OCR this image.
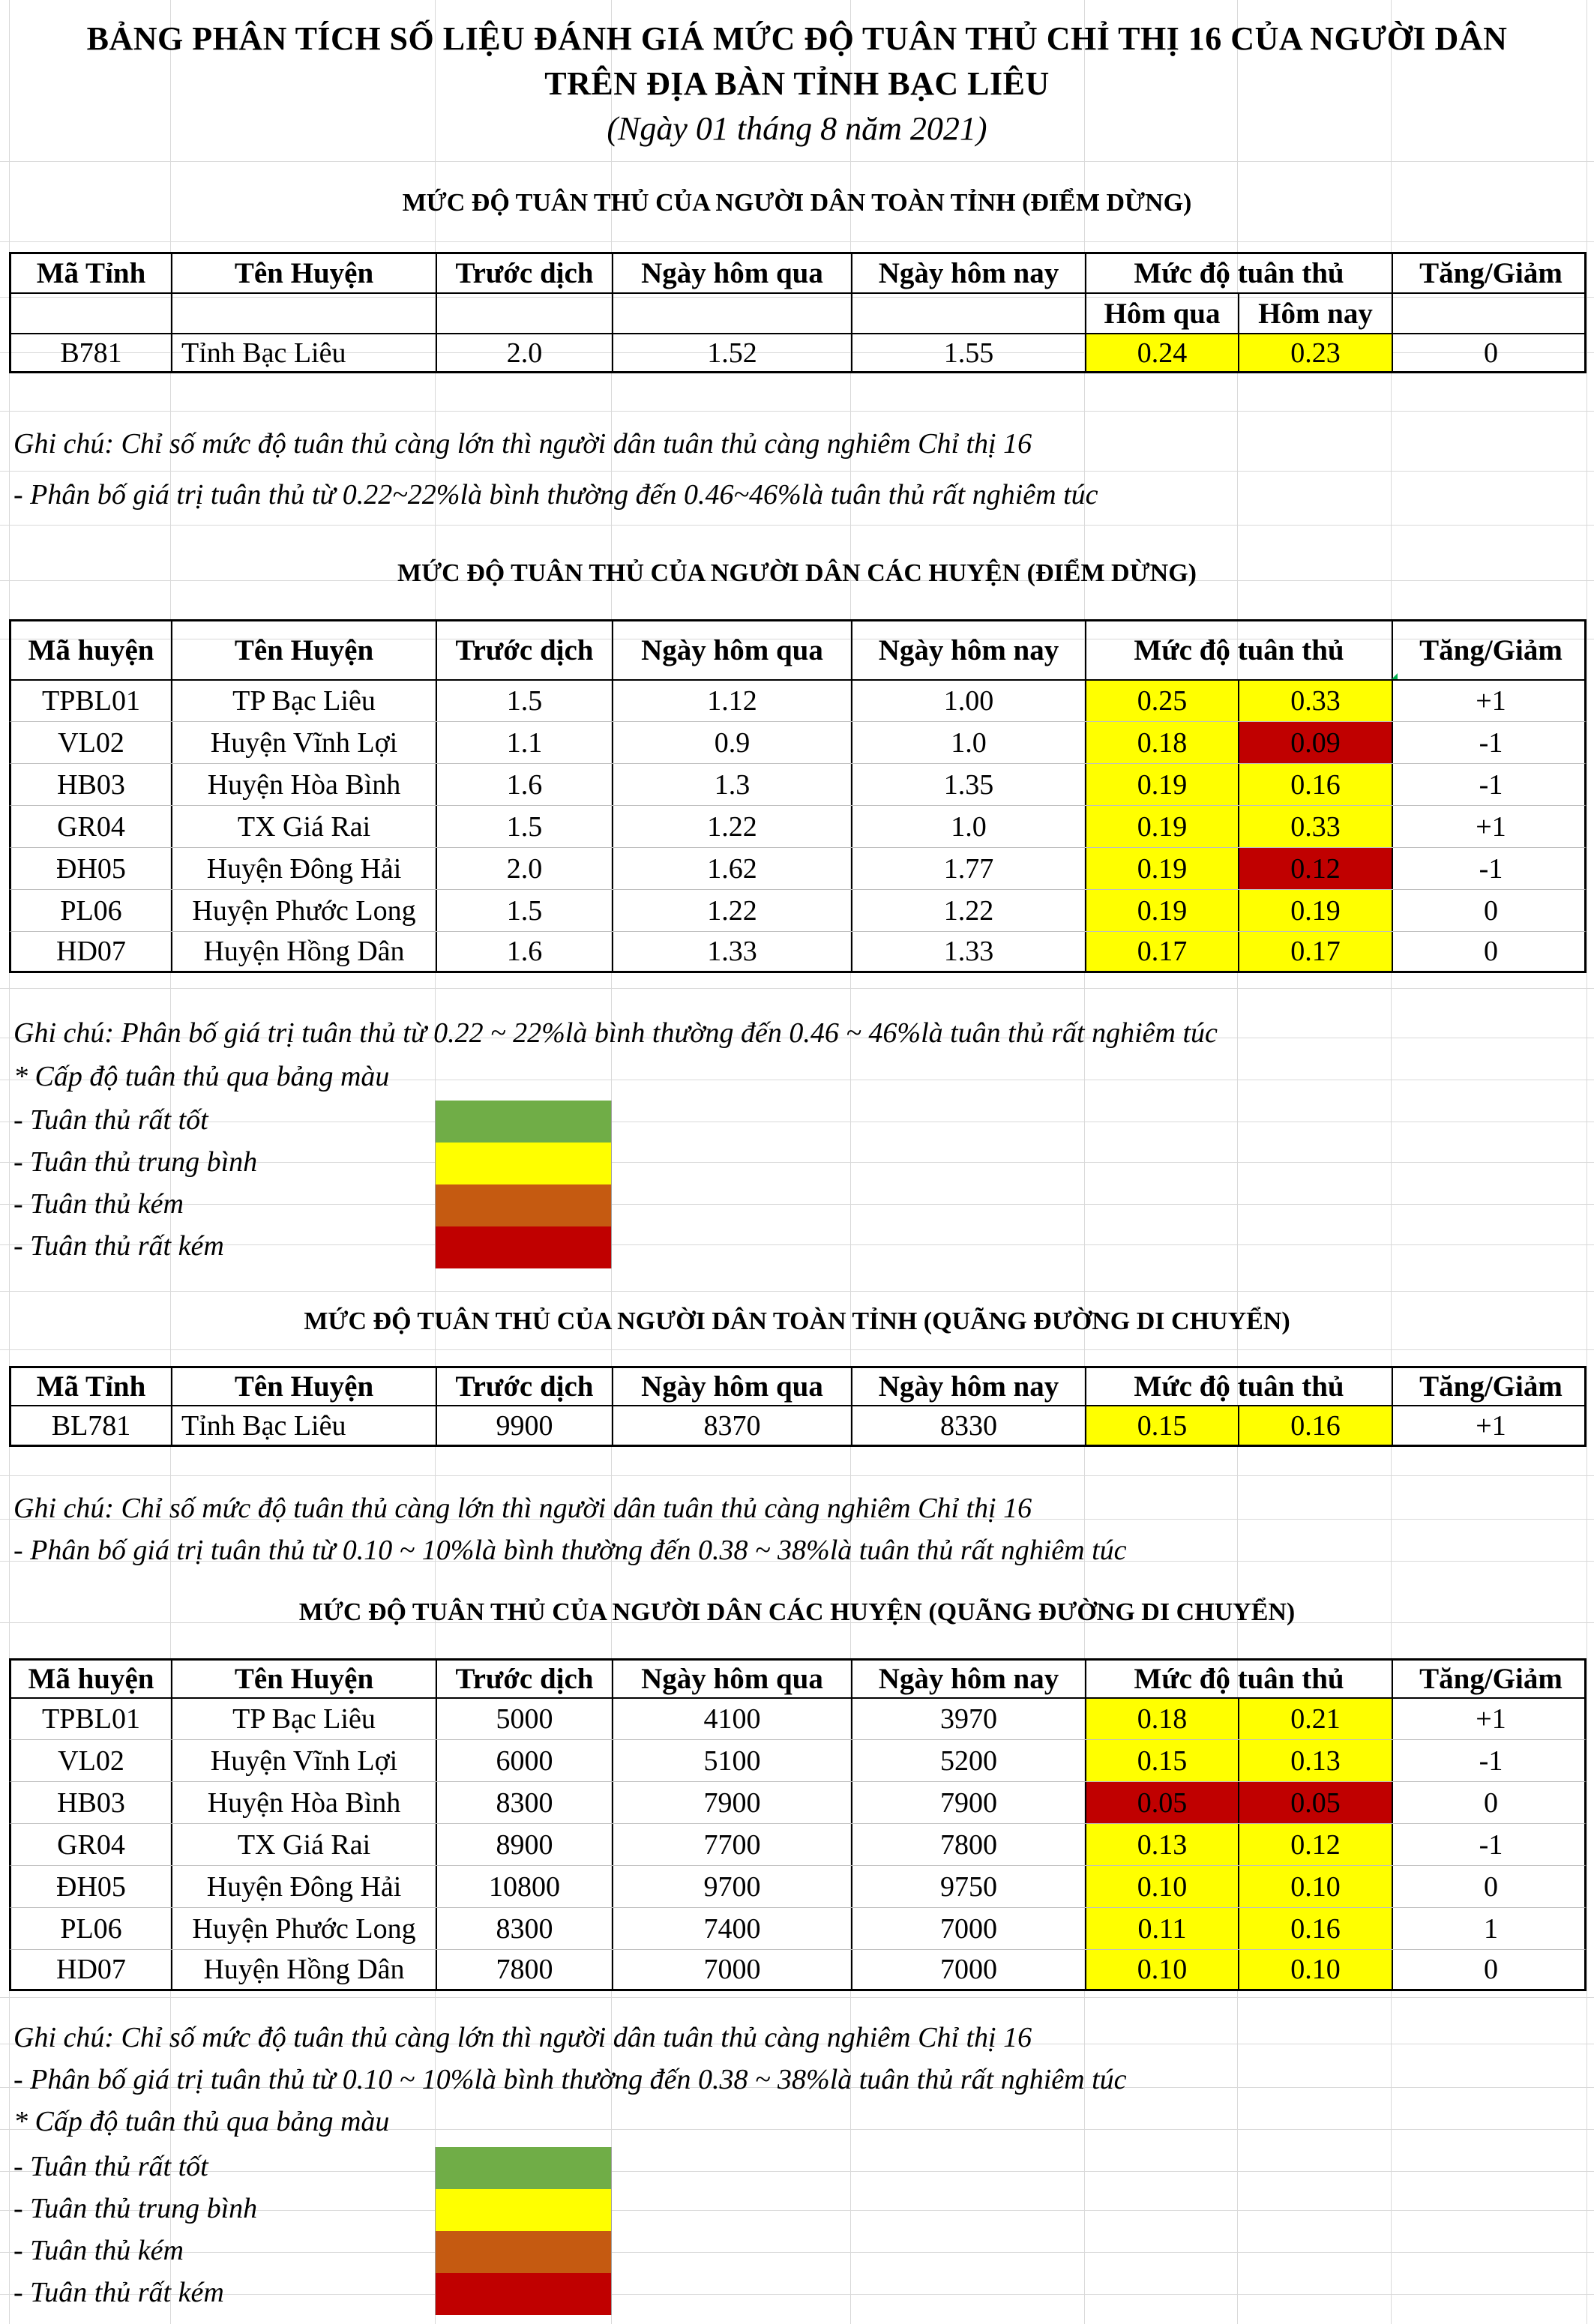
BẢNG PHÂN TÍCH SỐ LIỆU ĐÁNH GIÁ MỨC ĐỘ TUÂN THỦ CHỈ THỊ 16 CỦA NGƯỜI DÂN
TRÊN ĐỊA BÀN TỈNH BẠC LIÊU
(Ngày 01 tháng 8 năm 2021)
MỨC ĐỘ TUÂN THỦ CỦA NGƯỜI DÂN TOÀN TỈNH (ĐIỂM DỪNG)
Mã Tỉnh	Tên Huyện	Trước dịch	Ngày hôm qua	Ngày hôm nay	Mức độ tuân thủ	Tăng/Giảm
Hôm qua	Hôm nay
B781	Tỉnh Bạc Liêu	2.0	1.52	1.55	0.24	0.23	0
Ghi chú: Chỉ số mức độ tuân thủ càng lớn thì người dân tuân thủ càng nghiêm Chỉ thị 16
- Phân bố giá trị tuân thủ từ 0.22~22%là bình thường đến 0.46~46%là tuân thủ rất nghiêm túc
MỨC ĐỘ TUÂN THỦ CỦA NGƯỜI DÂN CÁC HUYỆN (ĐIỂM DỪNG)
Mã huyện	Tên Huyện	Trước dịch	Ngày hôm qua	Ngày hôm nay	Mức độ tuân thủ	Tăng/Giảm
TPBL01	TP Bạc Liêu	1.5	1.12	1.00	0.25	0.33	+1
VL02	Huyện Vĩnh Lợi	1.1	0.9	1.0	0.18	0.09	-1
HB03	Huyện Hòa Bình	1.6	1.3	1.35	0.19	0.16	-1
GR04	TX Giá Rai	1.5	1.22	1.0	0.19	0.33	+1
ĐH05	Huyện Đông Hải	2.0	1.62	1.77	0.19	0.12	-1
PL06	Huyện Phước Long	1.5	1.22	1.22	0.19	0.19	0
HD07	Huyện Hồng Dân	1.6	1.33	1.33	0.17	0.17	0
Ghi chú: Phân bố giá trị tuân thủ từ 0.22 ~ 22%là bình thường đến 0.46 ~ 46%là tuân thủ rất nghiêm túc
* Cấp độ tuân thủ qua bảng màu
- Tuân thủ rất tốt
- Tuân thủ trung bình
- Tuân thủ kém
- Tuân thủ rất kém
MỨC ĐỘ TUÂN THỦ CỦA NGƯỜI DÂN TOÀN TỈNH (QUÃNG ĐƯỜNG DI CHUYỂN)
Mã Tỉnh	Tên Huyện	Trước dịch	Ngày hôm qua	Ngày hôm nay	Mức độ tuân thủ	Tăng/Giảm
BL781	Tỉnh Bạc Liêu	9900	8370	8330	0.15	0.16	+1
Ghi chú: Chỉ số mức độ tuân thủ càng lớn thì người dân tuân thủ càng nghiêm Chỉ thị 16
- Phân bố giá trị tuân thủ từ 0.10 ~ 10%là bình thường đến 0.38 ~ 38%là tuân thủ rất nghiêm túc
MỨC ĐỘ TUÂN THỦ CỦA NGƯỜI DÂN CÁC HUYỆN (QUÃNG ĐƯỜNG DI CHUYỂN)
Mã huyện	Tên Huyện	Trước dịch	Ngày hôm qua	Ngày hôm nay	Mức độ tuân thủ	Tăng/Giảm
TPBL01	TP Bạc Liêu	5000	4100	3970	0.18	0.21	+1
VL02	Huyện Vĩnh Lợi	6000	5100	5200	0.15	0.13	-1
HB03	Huyện Hòa Bình	8300	7900	7900	0.05	0.05	0
GR04	TX Giá Rai	8900	7700	7800	0.13	0.12	-1
ĐH05	Huyện Đông Hải	10800	9700	9750	0.10	0.10	0
PL06	Huyện Phước Long	8300	7400	7000	0.11	0.16	1
HD07	Huyện Hồng Dân	7800	7000	7000	0.10	0.10	0
Ghi chú: Chỉ số mức độ tuân thủ càng lớn thì người dân tuân thủ càng nghiêm Chỉ thị 16
- Phân bố giá trị tuân thủ từ 0.10 ~ 10%là bình thường đến 0.38 ~ 38%là tuân thủ rất nghiêm túc
* Cấp độ tuân thủ qua bảng màu
- Tuân thủ rất tốt
- Tuân thủ trung bình
- Tuân thủ kém
- Tuân thủ rất kém
